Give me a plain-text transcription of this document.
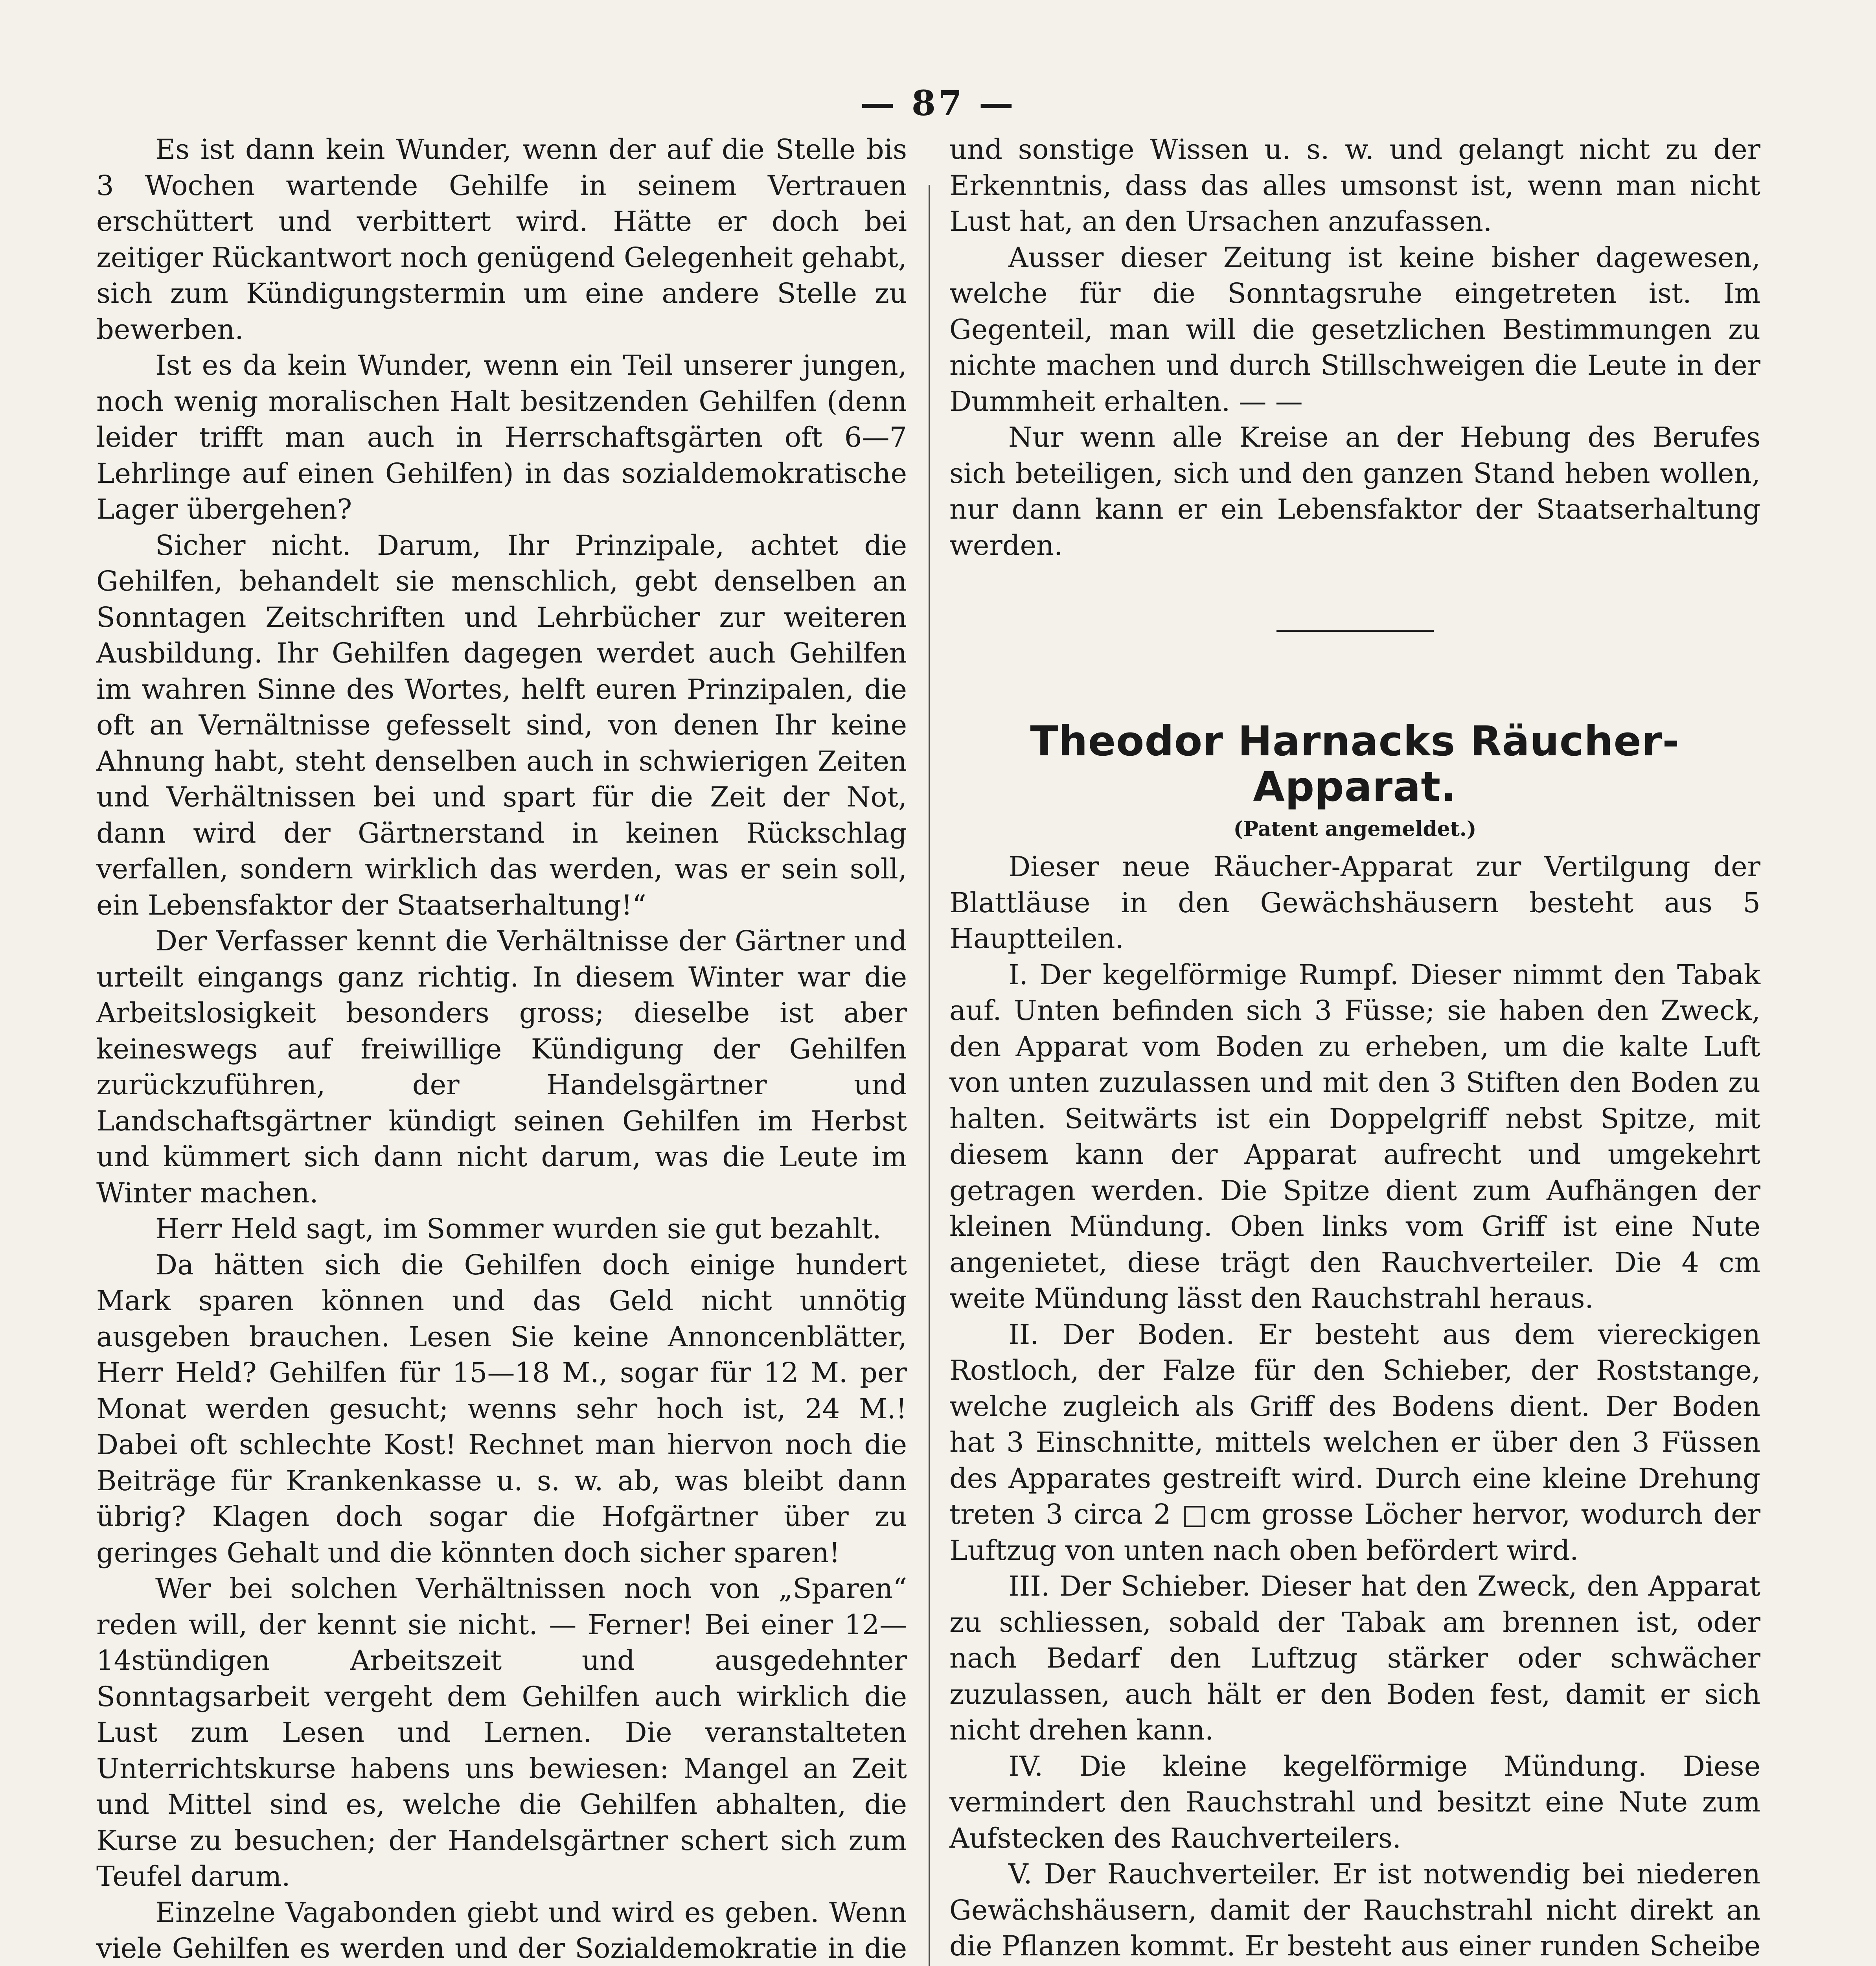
— 87 —

Es ist dann kein Wunder, wenn der auf die Stelle bis 3 Wochen wartende Gehilfe in seinem Vertrauen erschüttert und verbittert wird. Hätte er doch bei zeitiger Rückantwort noch genügend Gelegenheit gehabt, sich zum Kündigungstermin um eine andere Stelle zu bewerben.

Ist es da kein Wunder, wenn ein Teil unserer jungen, noch wenig moralischen Halt besitzenden Gehilfen (denn leider trifft man auch in Herrschaftsgärten oft 6—7 Lehrlinge auf einen Gehilfen) in das sozialdemokratische Lager übergehen?

Sicher nicht. Darum, Ihr Prinzipale, achtet die Gehilfen, behandelt sie menschlich, gebt denselben an Sonntagen Zeitschriften und Lehrbücher zur weiteren Ausbildung. Ihr Gehilfen dagegen werdet auch Gehilfen im wahren Sinne des Wortes, helft euren Prinzipalen, die oft an Vernältnisse gefesselt sind, von denen Ihr keine Ahnung habt, steht denselben auch in schwierigen Zeiten und Verhältnissen bei und spart für die Zeit der Not, dann wird der Gärtnerstand in keinen Rückschlag verfallen, sondern wirklich das werden, was er sein soll, ein Lebensfaktor der Staatserhaltung!“

Der Verfasser kennt die Verhältnisse der Gärtner und urteilt eingangs ganz richtig. In diesem Winter war die Arbeitslosigkeit besonders gross; dieselbe ist aber keineswegs auf freiwillige Kündigung der Gehilfen zurückzuführen, der Handelsgärtner und Landschaftsgärtner kündigt seinen Gehilfen im Herbst und kümmert sich dann nicht darum, was die Leute im Winter machen.

Herr Held sagt, im Sommer wurden sie gut bezahlt.

Da hätten sich die Gehilfen doch einige hundert Mark sparen können und das Geld nicht unnötig ausgeben brauchen. Lesen Sie keine Annoncenblätter, Herr Held? Gehilfen für 15—18 M., sogar für 12 M. per Monat werden gesucht; wenns sehr hoch ist, 24 M.! Dabei oft schlechte Kost! Rechnet man hiervon noch die Beiträge für Krankenkasse u. s. w. ab, was bleibt dann übrig? Klagen doch sogar die Hofgärtner über zu geringes Gehalt und die könnten doch sicher sparen!

Wer bei solchen Verhältnissen noch von „Sparen“ reden will, der kennt sie nicht. — Ferner! Bei einer 12—14stündigen Arbeitszeit und ausgedehnter Sonntagsarbeit vergeht dem Gehilfen auch wirklich die Lust zum Lesen und Lernen. Die veranstalteten Unterrichtskurse habens uns bewiesen: Mangel an Zeit und Mittel sind es, welche die Gehilfen abhalten, die Kurse zu besuchen; der Handelsgärtner schert sich zum Teufel darum.

Einzelne Vagabonden giebt und wird es geben. Wenn viele Gehilfen es werden und der Sozialdemokratie in die

und sonstige Wissen u. s. w. und gelangt nicht zu der Erkenntnis, dass das alles umsonst ist, wenn man nicht Lust hat, an den Ursachen anzufassen.

Ausser dieser Zeitung ist keine bisher dagewesen, welche für die Sonntagsruhe eingetreten ist. Im Gegenteil, man will die gesetzlichen Bestimmungen zu nichte machen und durch Stillschweigen die Leute in der Dummheit erhalten. — —

Nur wenn alle Kreise an der Hebung des Berufes sich beteiligen, sich und den ganzen Stand heben wollen, nur dann kann er ein Lebensfaktor der Staatserhaltung werden.

Theodor Harnacks Räucher-Apparat.
(Patent angemeldet.)

Dieser neue Räucher-Apparat zur Vertilgung der Blattläuse in den Gewächshäusern besteht aus 5 Hauptteilen.

I. Der kegelförmige Rumpf. Dieser nimmt den Tabak auf. Unten befinden sich 3 Füsse; sie haben den Zweck, den Apparat vom Boden zu erheben, um die kalte Luft von unten zuzulassen und mit den 3 Stiften den Boden zu halten. Seitwärts ist ein Doppelgriff nebst Spitze, mit diesem kann der Apparat aufrecht und umgekehrt getragen werden. Die Spitze dient zum Aufhängen der kleinen Mündung. Oben links vom Griff ist eine Nute angenietet, diese trägt den Rauchverteiler. Die 4 cm weite Mündung lässt den Rauchstrahl heraus.

II. Der Boden. Er besteht aus dem viereckigen Rostloch, der Falze für den Schieber, der Roststange, welche zugleich als Griff des Bodens dient. Der Boden hat 3 Einschnitte, mittels welchen er über den 3 Füssen des Apparates gestreift wird. Durch eine kleine Drehung treten 3 circa 2 □cm grosse Löcher hervor, wodurch der Luftzug von unten nach oben befördert wird.

III. Der Schieber. Dieser hat den Zweck, den Apparat zu schliessen, sobald der Tabak am brennen ist, oder nach Bedarf den Luftzug stärker oder schwächer zuzulassen, auch hält er den Boden fest, damit er sich nicht drehen kann.

IV. Die kleine kegelförmige Mündung. Diese vermindert den Rauchstrahl und besitzt eine Nute zum Aufstecken des Rauchverteilers.

V. Der Rauchverteiler. Er ist notwendig bei niederen Gewächshäusern, damit der Rauchstrahl nicht direkt an die Pflanzen kommt. Er besteht aus einer runden Scheibe
